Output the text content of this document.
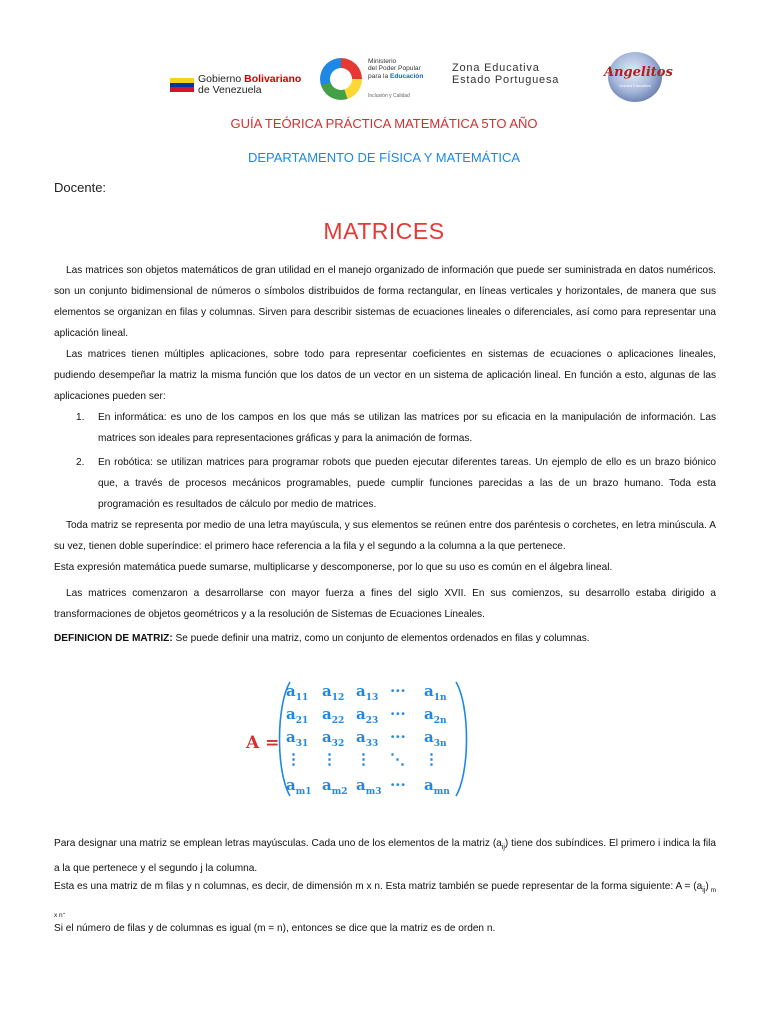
Gobierno Bolivariano
de Venezuela
Ministerio
del Poder Popular
para la Educación
Inclusión y Calidad
Zona Educativa
Estado Portuguesa	Angelitos
Unidad Educativa
GUÍA TEÓRICA PRÁCTICA MATEMÁTICA 5TO AÑO
DEPARTAMENTO DE FÍSICA Y MATEMÁTICA
Docente:
MATRICES

Las matrices son objetos matemáticos de gran utilidad en el manejo organizado de información que puede ser suministrada en datos numéricos. son un conjunto bidimensional de números o símbolos distribuidos de forma rectangular, en líneas verticales y horizontales, de manera que sus elementos se organizan en filas y columnas. Sirven para describir sistemas de ecuaciones lineales o diferenciales, así como para representar una aplicación lineal.

Las matrices tienen múltiples aplicaciones, sobre todo para representar coeficientes en sistemas de ecuaciones o aplicaciones lineales, pudiendo desempeñar la matriz la misma función que los datos de un vector en un sistema de aplicación lineal. En función a esto, algunas de las aplicaciones pueden ser:

1. En informática: es uno de los campos en los que más se utilizan las matrices por su eficacia en la manipulación de información. Las matrices son ideales para representaciones gráficas y para la animación de formas.
2. En robótica: se utilizan matrices para programar robots que pueden ejecutar diferentes tareas. Un ejemplo de ello es un brazo biónico que, a través de procesos mecánicos programables, puede cumplir funciones parecidas a las de un brazo humano. Toda esta programación es resultados de cálculo por medio de matrices.

Toda matriz se representa por medio de una letra mayúscula, y sus elementos se reúnen entre dos paréntesis o corchetes, en letra minúscula. A su vez, tienen doble superíndice: el primero hace referencia a la fila y el segundo a la columna a la que pertenece.

Esta expresión matemática puede sumarse, multiplicarse y descomponerse, por lo que su uso es común en el álgebra lineal.

Las matrices comenzaron a desarrollarse con mayor fuerza a fines del siglo XVII. En sus comienzos, su desarrollo estaba dirigido a transformaciones de objetos geométricos y a la resolución de Sistemas de Ecuaciones Lineales.

DEFINICION DE MATRIZ: Se puede definir una matriz, como un conjunto de elementos ordenados en filas y columnas.

A =
$a_{11}$ $a_{12}$ $a_{13}$ ··· $a_{1n}$
$a_{21}$ $a_{22}$ $a_{23}$ ··· $a_{2n}$
$a_{31}$ $a_{32}$ $a_{33}$ ··· $a_{3n}$
⋮ ⋮ ⋮ ⋱ ⋮
$a_{m1}$ $a_{m2}$ $a_{m3}$ ··· $a_{mn}$

Para designar una matriz se emplean letras mayúsculas. Cada uno de los elementos de la matriz $(a_{ij})$ tiene dos subíndices. El primero i indica la fila a la que pertenece y el segundo j la columna.

Esta es una matriz de m filas y n columnas, es decir, de dimensión m x n. Esta matriz también se puede representar de la forma siguiente: $A = (a_{ij})$ $_{m x n}$.

Si el número de filas y de columnas es igual (m = n), entonces se dice que la matriz es de orden n.
